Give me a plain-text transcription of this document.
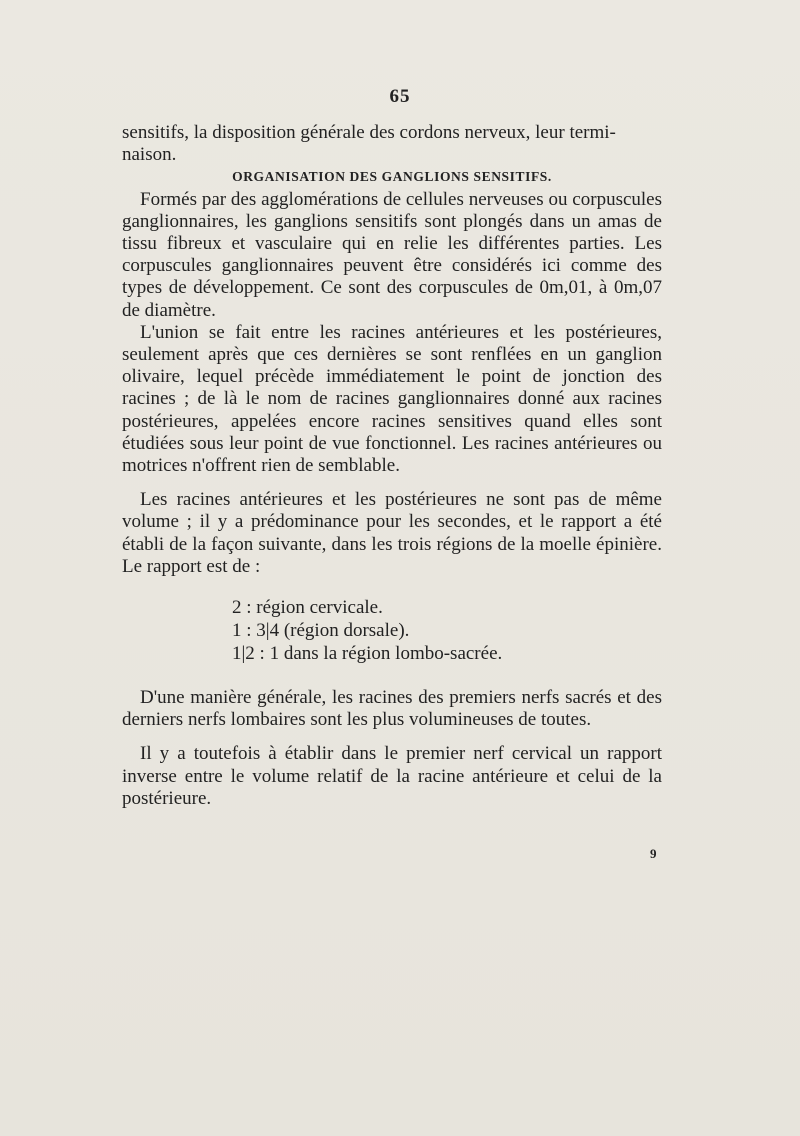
65

sensitifs, la disposition générale des cordons nerveux, leur termi-

naison.

ORGANISATION DES GANGLIONS SENSITIFS.

Formés par des agglomérations de cellules nerveuses ou corpuscules ganglionnaires, les ganglions sensitifs sont plongés dans un amas de tissu fibreux et vasculaire qui en relie les différentes parties. Les corpuscules ganglionnaires peuvent être considérés ici comme des types de développement. Ce sont des corpuscules de 0m,01, à 0m,07 de diamètre.

L'union se fait entre les racines antérieures et les postérieures, seulement après que ces dernières se sont renflées en un ganglion olivaire, lequel précède immédiatement le point de jonction des racines ; de là le nom de racines ganglionnaires donné aux racines postérieures, appelées encore racines sensitives quand elles sont étudiées sous leur point de vue fonctionnel. Les racines antérieures ou motrices n'offrent rien de semblable.

Les racines antérieures et les postérieures ne sont pas de même volume ; il y a prédominance pour les secondes, et le rapport a été établi de la façon suivante, dans les trois régions de la moelle épinière. Le rapport est de :

2 : région cervicale.
1 : 3|4 (région dorsale).
1|2 : 1 dans la région lombo-sacrée.

D'une manière générale, les racines des premiers nerfs sacrés et des derniers nerfs lombaires sont les plus volumineuses de toutes.

Il y a toutefois à établir dans le premier nerf cervical un rapport inverse entre le volume relatif de la racine antérieure et celui de la postérieure.

9
